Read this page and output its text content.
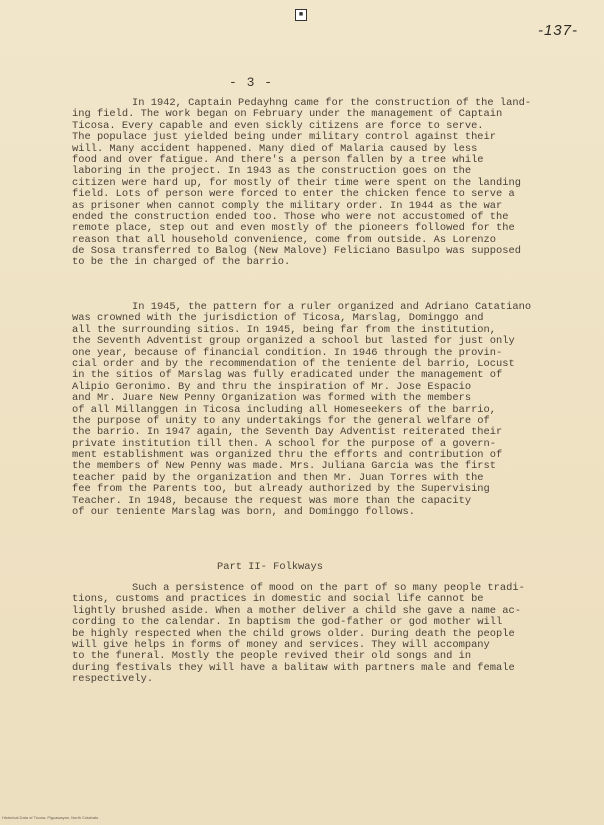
■
-137-
- 3 -
In 1942, Captain Pedayhng came for the construction of the land-
ing field. The work began on February under the management of Captain
Ticosa. Every capable and even sickly citizens are force to serve.
The populace just yielded being under military control against their
will. Many accident happened. Many died of Malaria caused by less
food and over fatigue. And there's a person fallen by a tree while
laboring in the project. In 1943 as the construction goes on the
citizen were hard up, for mostly of their time were spent on the landing
field. Lots of person were forced to enter the chicken fence to serve a
as prisoner when cannot comply the military order. In 1944 as the war
ended the construction ended too. Those who were not accustomed of the
remote place, step out and even mostly of the pioneers followed for the
reason that all household convenience, come from outside. As Lorenzo
de Sosa transferred to Balog (New Malove) Feliciano Basulpo was supposed
to be the in charged of the barrio.
In 1945, the pattern for a ruler organized and Adriano Catatiano
was crowned with the jurisdiction of Ticosa, Marslag, Dominggo and
all the surrounding sitios. In 1945, being far from the institution,
the Seventh Adventist group organized a school but lasted for just only
one year, because of financial condition. In 1946 through the provin-
cial order and by the recommendation of the teniente del barrio, Locust
in the sitios of Marslag was fully eradicated under the management of
Alipio Geronimo. By and thru the inspiration of Mr. Jose Espacio
and Mr. Juare New Penny Organization was formed with the members
of all Millanggen in Ticosa including all Homeseekers of the barrio,
the purpose of unity to any undertakings for the general welfare of
the barrio. In 1947 again, the Seventh Day Adventist reiterated their
private institution till then. A school for the purpose of a govern-
ment establishment was organized thru the efforts and contribution of
the members of New Penny was made. Mrs. Juliana Garcia was the first
teacher paid by the organization and then Mr. Juan Torres with the
fee from the Parents too, but already authorized by the Supervising
Teacher. In 1948, because the request was more than the capacity
of our teniente Marslag was born, and Dominggo follows.
Part II- Folkways
Such a persistence of mood on the part of so many people tradi-
tions, customs and practices in domestic and social life cannot be
lightly brushed aside. When a mother deliver a child she gave a name ac-
cording to the calendar. In baptism the god-father or god mother will
be highly respected when the child grows older. During death the people
will give helps in forms of money and services. They will accompany
to the funeral. Mostly the people revived their old songs and in
during festivals they will have a balitaw with partners male and female
respectively.
Historical Data of Ticosa, Pigcawayan, North Cotabato
